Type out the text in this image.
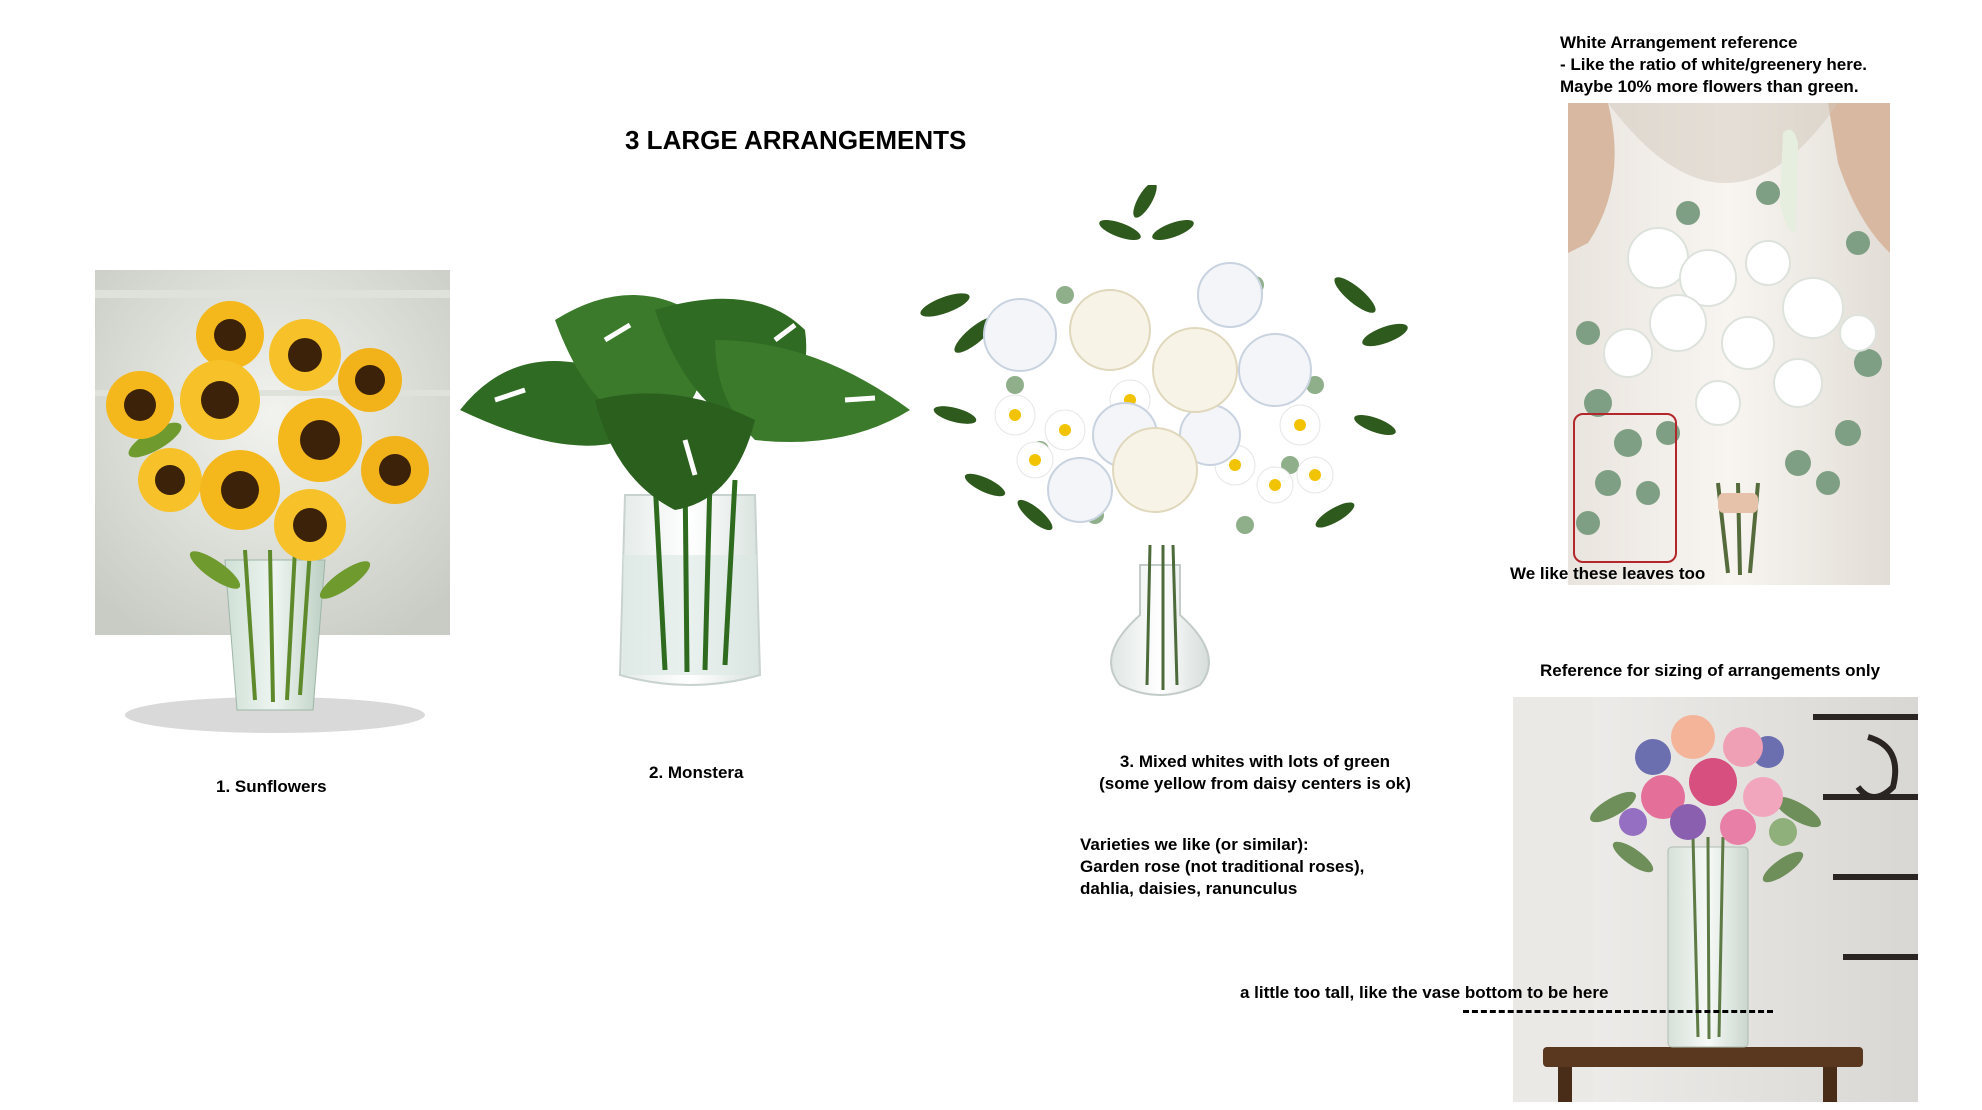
3 LARGE ARRANGEMENTS
1. Sunflowers
2. Monstera
3. Mixed whites with lots of green
(some yellow from daisy centers is ok)
Varieties we like (or similar):
Garden rose (not traditional roses),
dahlia, daisies, ranunculus
White Arrangement reference
- Like the ratio of white/greenery here.
Maybe 10% more flowers than green.
We like these leaves too
Reference for sizing of arrangements only
a little too tall, like the vase bottom to be here
